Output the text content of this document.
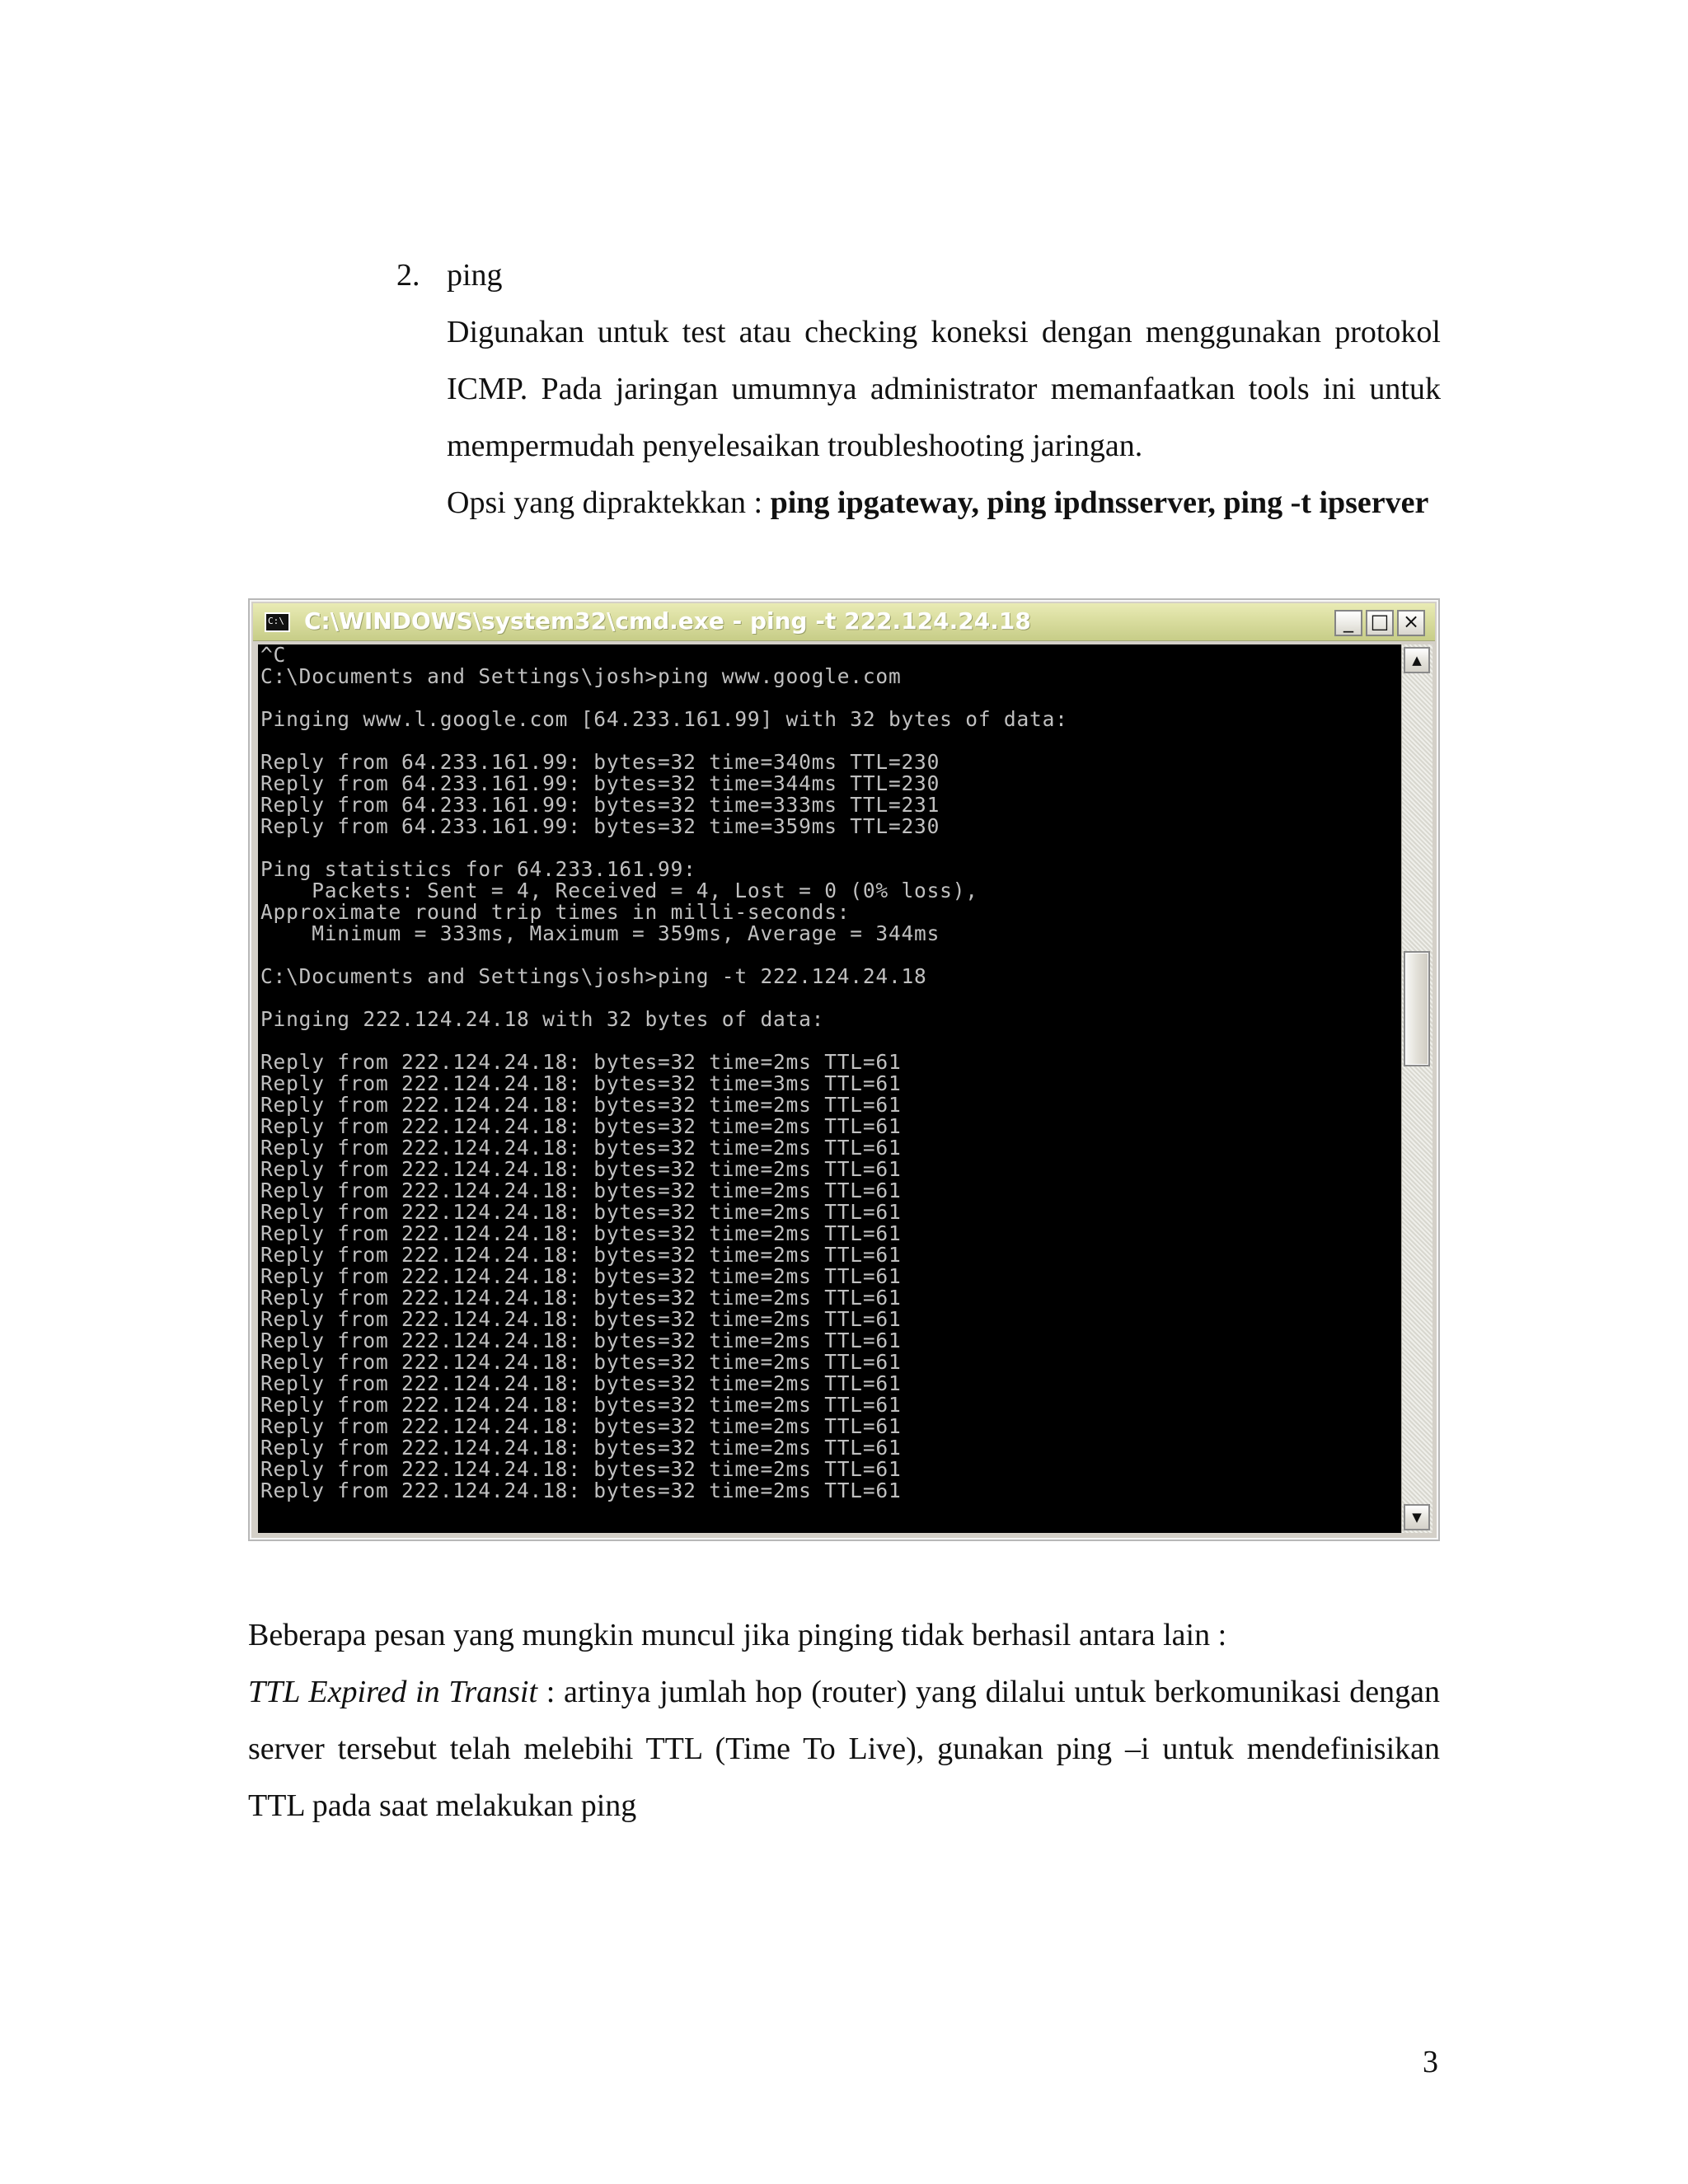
2. ping
Digunakan untuk test atau checking koneksi dengan menggunakan protokol ICMP. Pada jaringan umumnya administrator memanfaatkan tools ini untuk mempermudah penyelesaikan troubleshooting jaringan.
Opsi yang dipraktekkan : ping ipgateway, ping ipdnsserver, ping -t ipserver
C:\ C:\WINDOWS\system32\cmd.exe - ping -t 222.124.24.18	_ □ ×
^C
C:\Documents and Settings\josh>ping www.google.com
Pinging www.l.google.com [64.233.161.99] with 32 bytes of data:
Reply from 64.233.161.99: bytes=32 time=340ms TTL=230
Reply from 64.233.161.99: bytes=32 time=344ms TTL=230
Reply from 64.233.161.99: bytes=32 time=333ms TTL=231
Reply from 64.233.161.99: bytes=32 time=359ms TTL=230
Ping statistics for 64.233.161.99:
Packets: Sent = 4, Received = 4, Lost = 0 (0% loss),
Approximate round trip times in milli-seconds:
Minimum = 333ms, Maximum = 359ms, Average = 344ms
C:\Documents and Settings\josh>ping -t 222.124.24.18
Pinging 222.124.24.18 with 32 bytes of data:
Reply from 222.124.24.18: bytes=32 time=2ms TTL=61
Reply from 222.124.24.18: bytes=32 time=3ms TTL=61
Reply from 222.124.24.18: bytes=32 time=2ms TTL=61
Reply from 222.124.24.18: bytes=32 time=2ms TTL=61
Reply from 222.124.24.18: bytes=32 time=2ms TTL=61
Reply from 222.124.24.18: bytes=32 time=2ms TTL=61
Reply from 222.124.24.18: bytes=32 time=2ms TTL=61
Reply from 222.124.24.18: bytes=32 time=2ms TTL=61
Reply from 222.124.24.18: bytes=32 time=2ms TTL=61
Reply from 222.124.24.18: bytes=32 time=2ms TTL=61
Reply from 222.124.24.18: bytes=32 time=2ms TTL=61
Reply from 222.124.24.18: bytes=32 time=2ms TTL=61
Reply from 222.124.24.18: bytes=32 time=2ms TTL=61
Reply from 222.124.24.18: bytes=32 time=2ms TTL=61
Reply from 222.124.24.18: bytes=32 time=2ms TTL=61
Reply from 222.124.24.18: bytes=32 time=2ms TTL=61
Reply from 222.124.24.18: bytes=32 time=2ms TTL=61
Reply from 222.124.24.18: bytes=32 time=2ms TTL=61
Reply from 222.124.24.18: bytes=32 time=2ms TTL=61
Reply from 222.124.24.18: bytes=32 time=2ms TTL=61
Reply from 222.124.24.18: bytes=32 time=2ms TTL=61
▲
▼
Beberapa pesan yang mungkin muncul jika pinging tidak berhasil antara lain :
TTL Expired in Transit : artinya jumlah hop (router) yang dilalui untuk berkomunikasi dengan server tersebut telah melebihi TTL (Time To Live), gunakan ping –i untuk mendefinisikan TTL pada saat melakukan ping
3
